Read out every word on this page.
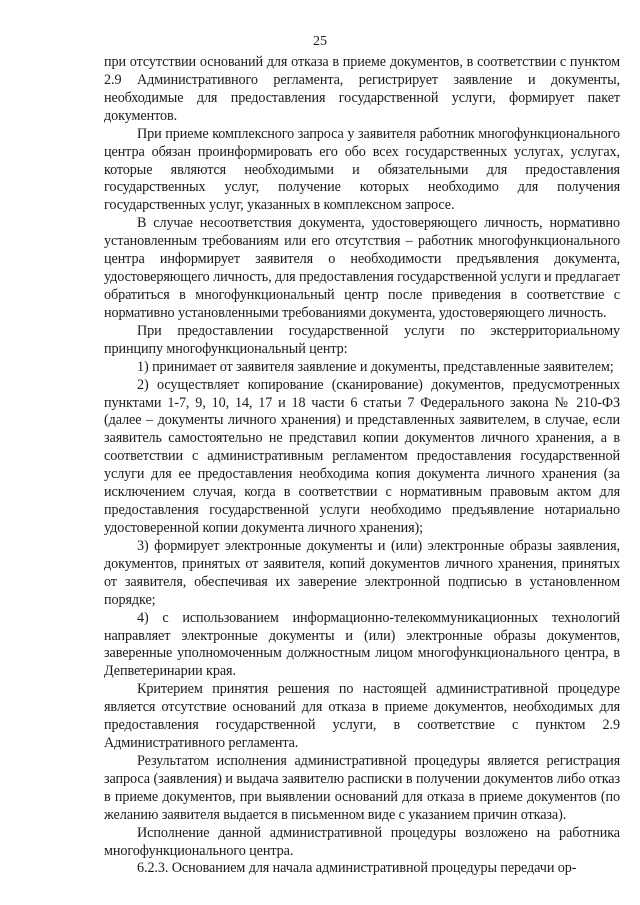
25

при отсутствии оснований для отказа в приеме документов, в соответствии с пунктом 2.9 Административного регламента, регистрирует заявление и документы, необходимые для предоставления государственной услуги, формирует пакет документов.

При приеме комплексного запроса у заявителя работник многофункционального центра обязан проинформировать его обо всех государственных услугах, услугах, которые являются необходимыми и обязательными для предоставления государственных услуг, получение которых необходимо для получения государственных услуг, указанных в комплексном запросе.

В случае несоответствия документа, удостоверяющего личность, нормативно установленным требованиям или его отсутствия – работник многофункционального центра информирует заявителя о необходимости предъявления документа, удостоверяющего личность, для предоставления государственной услуги и предлагает обратиться в многофункциональный центр после приведения в соответствие с нормативно установленными требованиями документа, удостоверяющего личность.

При предоставлении государственной услуги по экстерриториальному принципу многофункциональный центр:

1) принимает от заявителя заявление и документы, представленные заявителем;

2) осуществляет копирование (сканирование) документов, предусмотренных пунктами 1-7, 9, 10, 14, 17 и 18 части 6 статьи 7 Федерального закона № 210-ФЗ (далее – документы личного хранения) и представленных заявителем, в случае, если заявитель самостоятельно не представил копии документов личного хранения, а в соответствии с административным регламентом предоставления государственной услуги для ее предоставления необходима копия документа личного хранения (за исключением случая, когда в соответствии с нормативным правовым актом для предоставления государственной услуги необходимо предъявление нотариально удостоверенной копии документа личного хранения);

3) формирует электронные документы и (или) электронные образы заявления, документов, принятых от заявителя, копий документов личного хранения, принятых от заявителя, обеспечивая их заверение электронной подписью в установленном порядке;

4) с использованием информационно-телекоммуникационных технологий направляет электронные документы и (или) электронные образы документов, заверенные уполномоченным должностным лицом многофункционального центра, в Депветеринарии края.

Критерием принятия решения по настоящей административной процедуре является отсутствие оснований для отказа в приеме документов, необходимых для предоставления государственной услуги, в соответствие с пунктом 2.9 Административного регламента.

Результатом исполнения административной процедуры является регистрация запроса (заявления) и выдача заявителю расписки в получении документов либо отказ в приеме документов, при выявлении оснований для отказа в приеме документов (по желанию заявителя выдается в письменном виде с указанием причин отказа).

Исполнение данной административной процедуры возложено на работника многофункционального центра.

6.2.3. Основанием для начала административной процедуры передачи ор-
